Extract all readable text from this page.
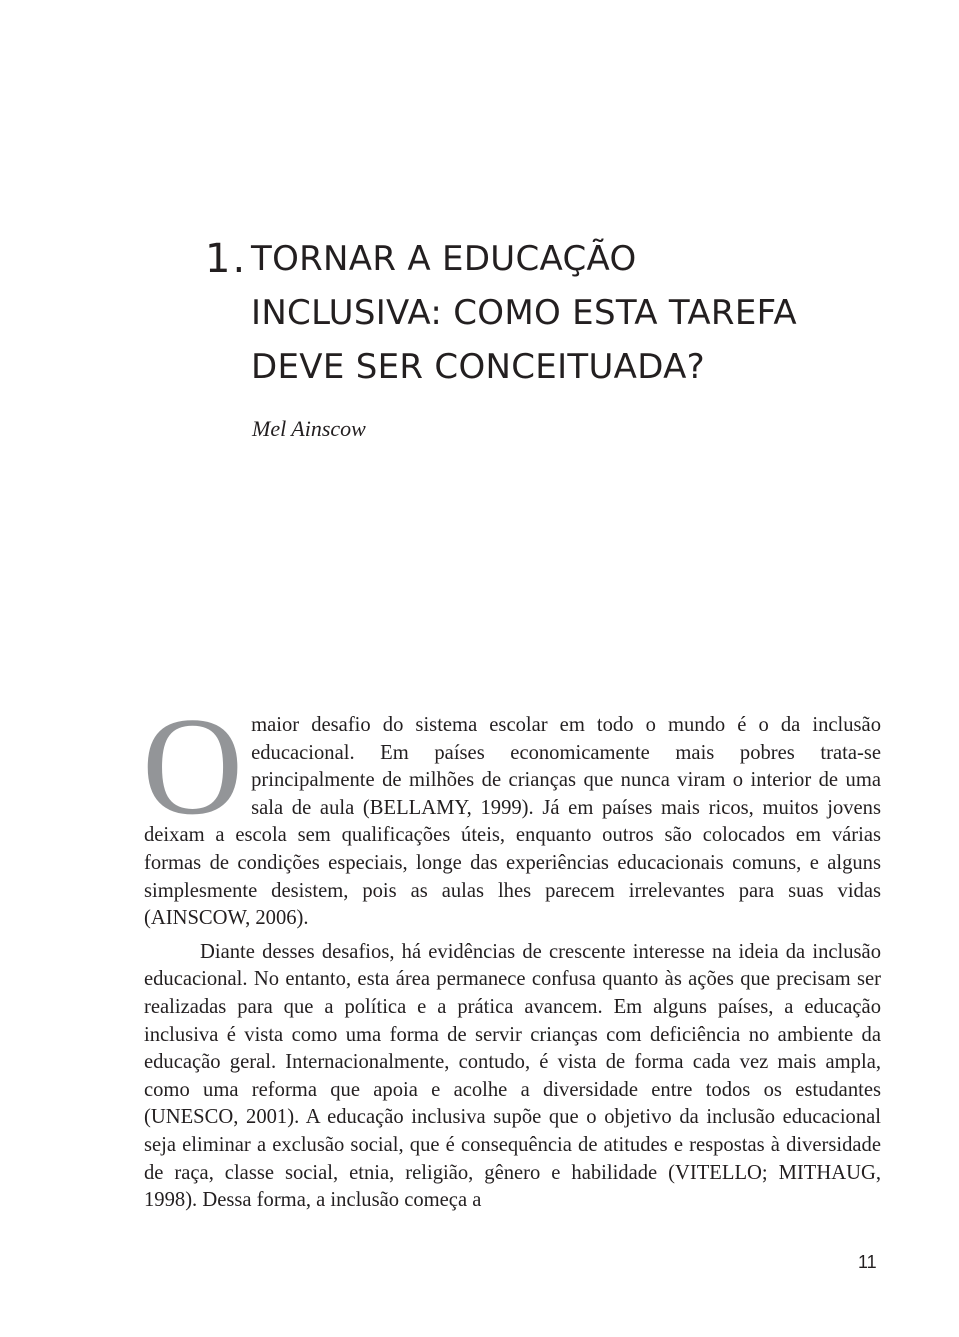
1. TORNAR A EDUCAÇÃO
INCLUSIVA: COMO ESTA TAREFA
DEVE SER CONCEITUADA?
Mel Ainscow

O maior desafio do sistema escolar em todo o mundo é o da inclusão educacional. Em países economicamente mais pobres trata-se principalmente de milhões de crianças que nunca viram o interior de uma sala de aula (BELLAMY, 1999). Já em países mais ricos, muitos jovens deixam a escola sem qualificações úteis, enquanto outros são colocados em várias formas de condições especiais, longe das experiências educacionais comuns, e alguns simplesmente desistem, pois as aulas lhes parecem irrelevantes para suas vidas (AINSCOW, 2006).

Diante desses desafios, há evidências de crescente interesse na ideia da inclusão educacional. No entanto, esta área permanece confusa quanto às ações que precisam ser realizadas para que a política e a prática avancem. Em alguns países, a educação inclusiva é vista como uma forma de servir crianças com deficiência no ambiente da educação geral. Internacionalmente, contudo, é vista de forma cada vez mais ampla, como uma reforma que apoia e acolhe a diversidade entre todos os estudantes (UNESCO, 2001). A educação inclusiva supõe que o objetivo da inclusão educacional seja eliminar a exclusão social, que é consequência de atitudes e respostas à diversidade de raça, classe social, etnia, religião, gênero e habilidade (VITELLO; MITHAUG, 1998). Dessa forma, a inclusão começa a

11
